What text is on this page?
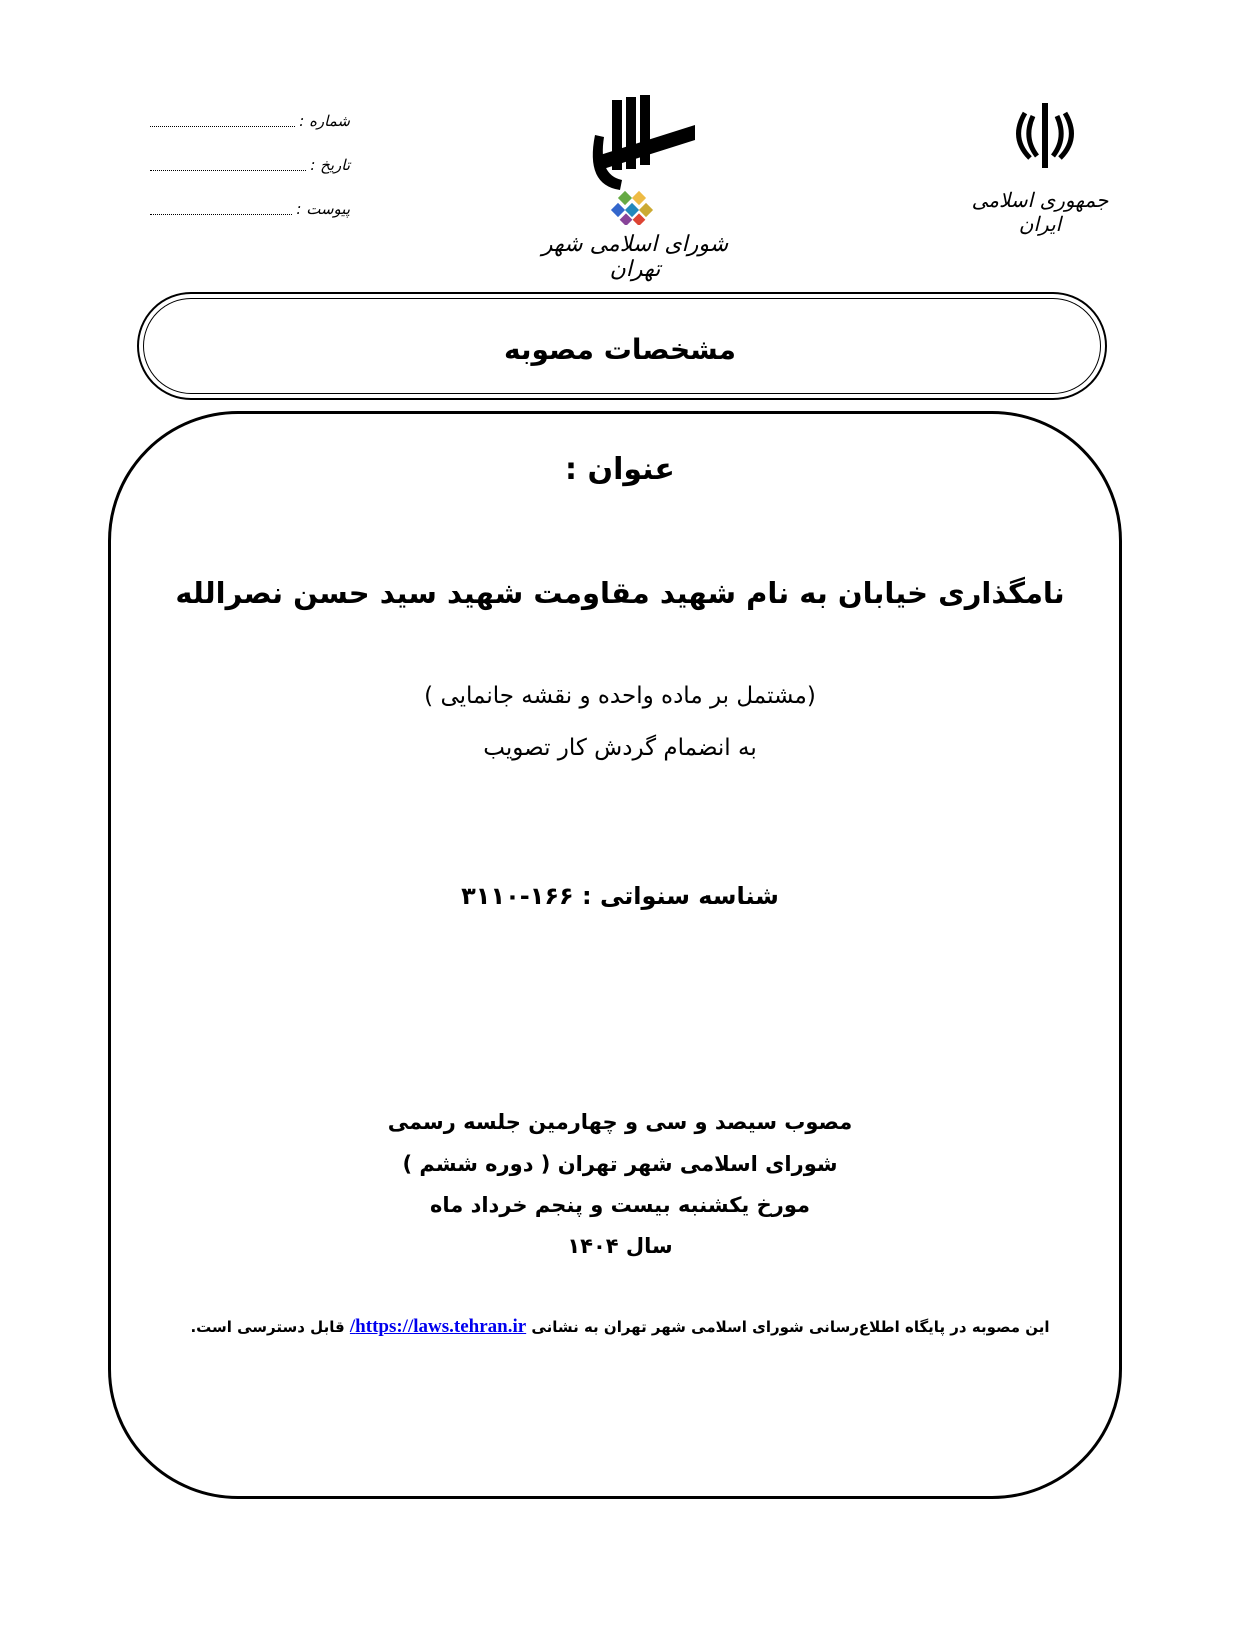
شماره :
تاریخ :
پیوست :
شورای اسلامی شهر تهران
جمهوری اسلامی ایران
مشخصات مصوبه
عنوان :
نامگذاری خیابان به نام شهید مقاومت شهید سید حسن نصرالله
(مشتمل بر ماده واحده و نقشه جانمایی )
به انضمام گردش کار تصویب
شناسه سنواتی : ۱۶۶-۳۱۱۰
مصوب سیصد و سی و چهارمین جلسه رسمی
شورای اسلامی شهر تهران ( دوره ششم )
مورخ یکشنبه بیست و پنجم خرداد ماه
سال ۱۴۰۴
این مصوبه در پایگاه اطلاع‌رسانی شورای اسلامی شهر تهران به نشانی https://laws.tehran.ir/ قابل دسترسی است.
